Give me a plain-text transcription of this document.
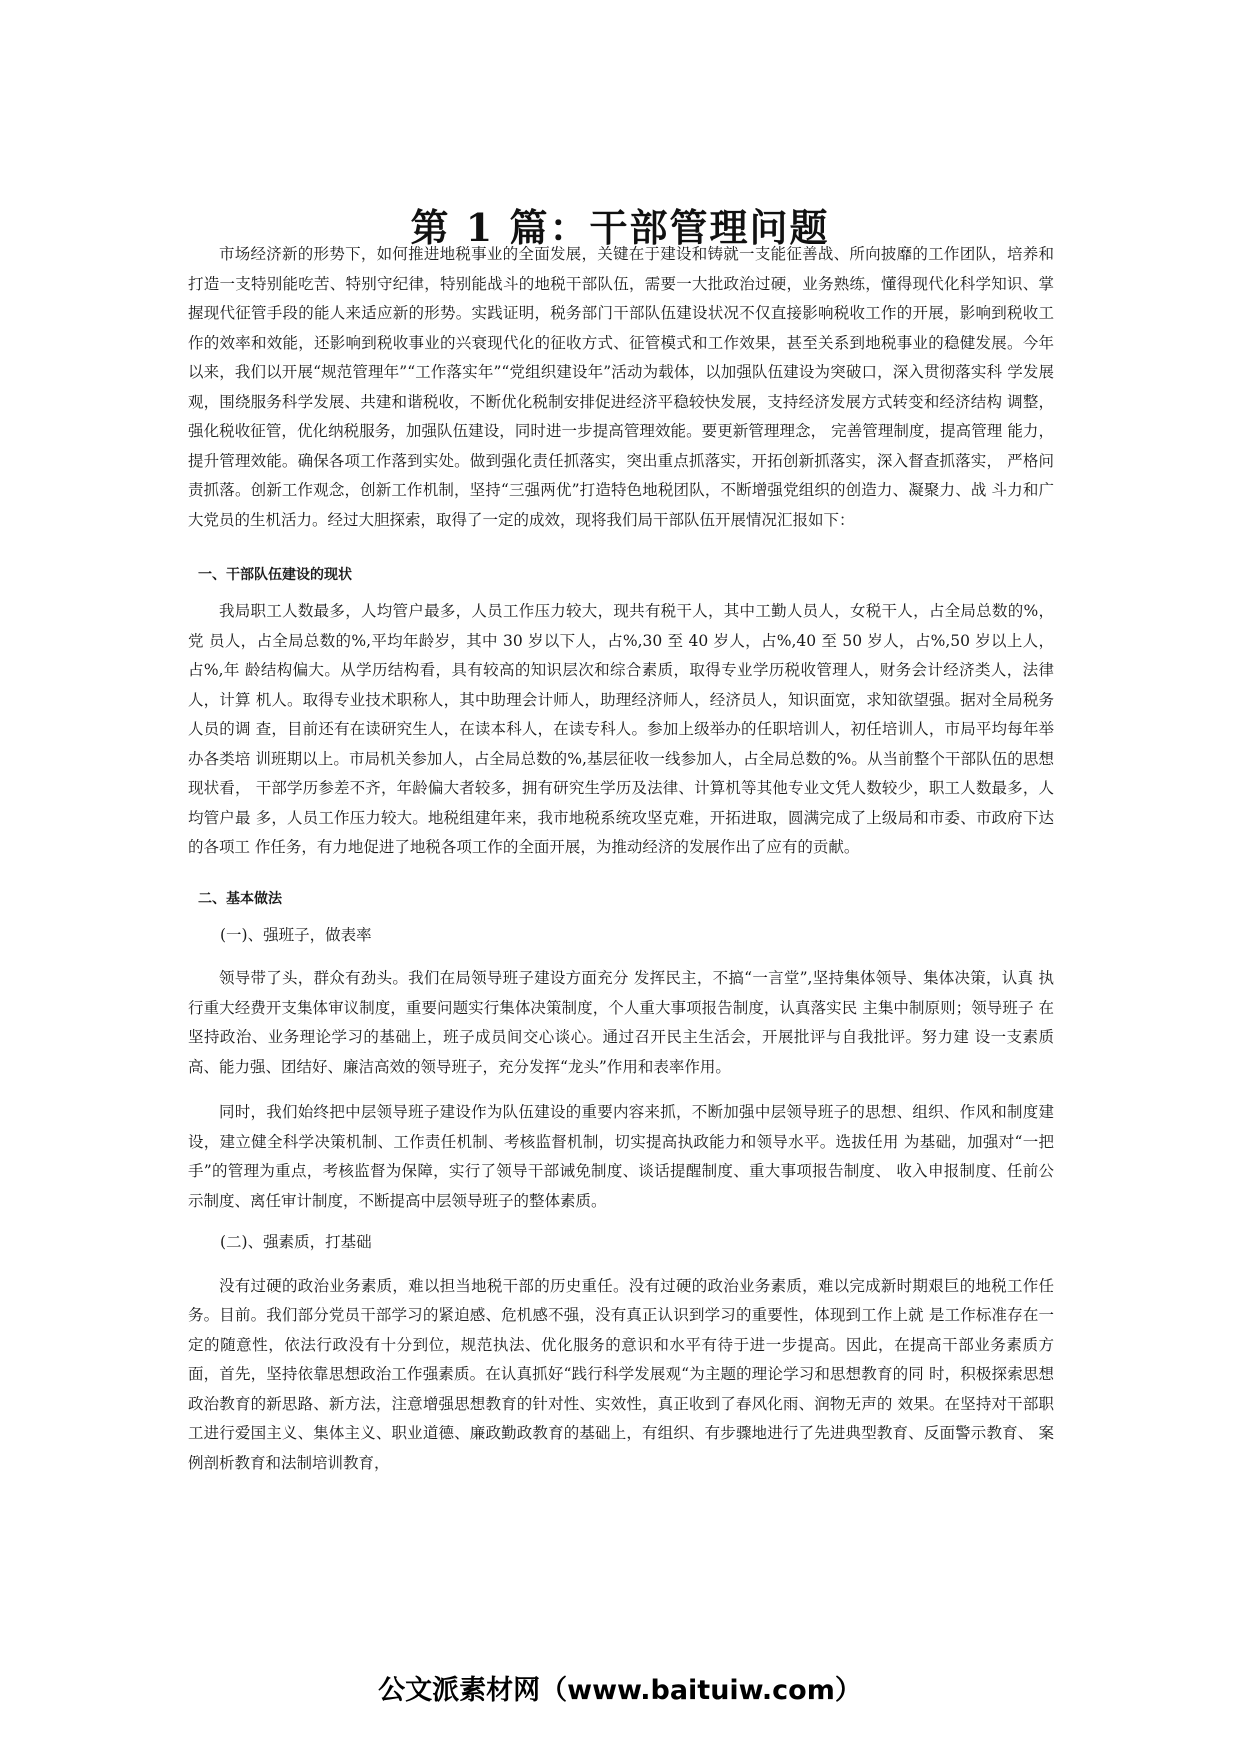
第 1 篇：干部管理问题

市场经济新的形势下，如何推进地税事业的全面发展，关键在于建设和铸就一支能征善战、所向披靡的工作团队，培养和打造一支特别能吃苦、特别守纪律，特别能战斗的地税干部队伍，需要一大批政治过硬，业务熟练，懂得现代化科学知识、掌 握现代征管手段的能人来适应新的形势。实践证明，税务部门干部队伍建设状况不仅直接影响税收工作的开展，影响到税收工 作的效率和效能，还影响到税收事业的兴衰现代化的征收方式、征管模式和工作效果，甚至关系到地税事业的稳健发展。今年 以来，我们以开展“规范管理年”“工作落实年”“党组织建设年”活动为载体，以加强队伍建设为突破口，深入贯彻落实科 学发展观，围绕服务科学发展、共建和谐税收，不断优化税制安排促进经济平稳较快发展，支持经济发展方式转变和经济结构 调整，强化税收征管，优化纳税服务，加强队伍建设，同时进一步提高管理效能。要更新管理理念， 完善管理制度，提高管理 能力，提升管理效能。确保各项工作落到实处。做到强化责任抓落实，突出重点抓落实，开拓创新抓落实，深入督查抓落实， 严格问责抓落。创新工作观念，创新工作机制，坚持“三强两优”打造特色地税团队，不断增强党组织的创造力、凝聚力、战 斗力和广大党员的生机活力。经过大胆探索，取得了一定的成效，现将我们局干部队伍开展情况汇报如下：

一、干部队伍建设的现状

我局职工人数最多，人均管户最多，人员工作压力较大，现共有税干人，其中工勤人员人，女税干人，占全局总数的%，党 员人，占全局总数的%,平均年龄岁，其中 30 岁以下人，占%,30 至 40 岁人，占%,40 至 50 岁人，占%,50 岁以上人，占%,年 龄结构偏大。从学历结构看，具有较高的知识层次和综合素质，取得专业学历税收管理人，财务会计经济类人，法律人，计算 机人。取得专业技术职称人，其中助理会计师人，助理经济师人，经济员人，知识面宽，求知欲望强。据对全局税务人员的调 查，目前还有在读研究生人，在读本科人，在读专科人。参加上级举办的任职培训人，初任培训人，市局平均每年举办各类培 训班期以上。市局机关参加人，占全局总数的%,基层征收一线参加人，占全局总数的%。从当前整个干部队伍的思想现状看， 干部学历参差不齐，年龄偏大者较多，拥有研究生学历及法律、计算机等其他专业文凭人数较少，职工人数最多，人均管户最 多，人员工作压力较大。地税组建年来，我市地税系统攻坚克难，开拓进取，圆满完成了上级局和市委、市政府下达的各项工 作任务，有力地促进了地税各项工作的全面开展，为推动经济的发展作出了应有的贡献。

二、基本做法

(一)、强班子，做表率

领导带了头，群众有劲头。我们在局领导班子建设方面充分 发挥民主，不搞“一言堂”,坚持集体领导、集体决策，认真 执行重大经费开支集体审议制度，重要问题实行集体决策制度，个人重大事项报告制度，认真落实民 主集中制原则；领导班子 在坚持政治、业务理论学习的基础上，班子成员间交心谈心。通过召开民主生活会，开展批评与自我批评。努力建 设一支素质 高、能力强、团结好、廉洁高效的领导班子，充分发挥“龙头”作用和表率作用。

同时，我们始终把中层领导班子建设作为队伍建设的重要内容来抓，不断加强中层领导班子的思想、组织、作风和制度建 设，建立健全科学决策机制、工作责任机制、考核监督机制，切实提高执政能力和领导水平。选拔任用 为基础，加强对“一把 手”的管理为重点，考核监督为保障，实行了领导干部诫免制度、谈话提醒制度、重大事项报告制度、 收入申报制度、任前公 示制度、离任审计制度，不断提高中层领导班子的整体素质。

(二)、强素质，打基础

没有过硬的政治业务素质，难以担当地税干部的历史重任。没有过硬的政治业务素质，难以完成新时期艰巨的地税工作任务。目前。我们部分党员干部学习的紧迫感、危机感不强，没有真正认识到学习的重要性，体现到工作上就 是工作标准存在一定的随意性，依法行政没有十分到位，规范执法、优化服务的意识和水平有待于进一步提高。因此，在提高干部业务素质方面，首先，坚持依靠思想政治工作强素质。在认真抓好“践行科学发展观“为主题的理论学习和思想教育的同 时，积极探索思想政治教育的新思路、新方法，注意增强思想教育的针对性、实效性，真正收到了春风化雨、润物无声的 效果。在坚持对干部职工进行爱国主义、集体主义、职业道德、廉政勤政教育的基础上，有组织、有步骤地进行了先进典型教育、反面警示教育、 案例剖析教育和法制培训教育，

公文派素材网（www.baituiw.com）
